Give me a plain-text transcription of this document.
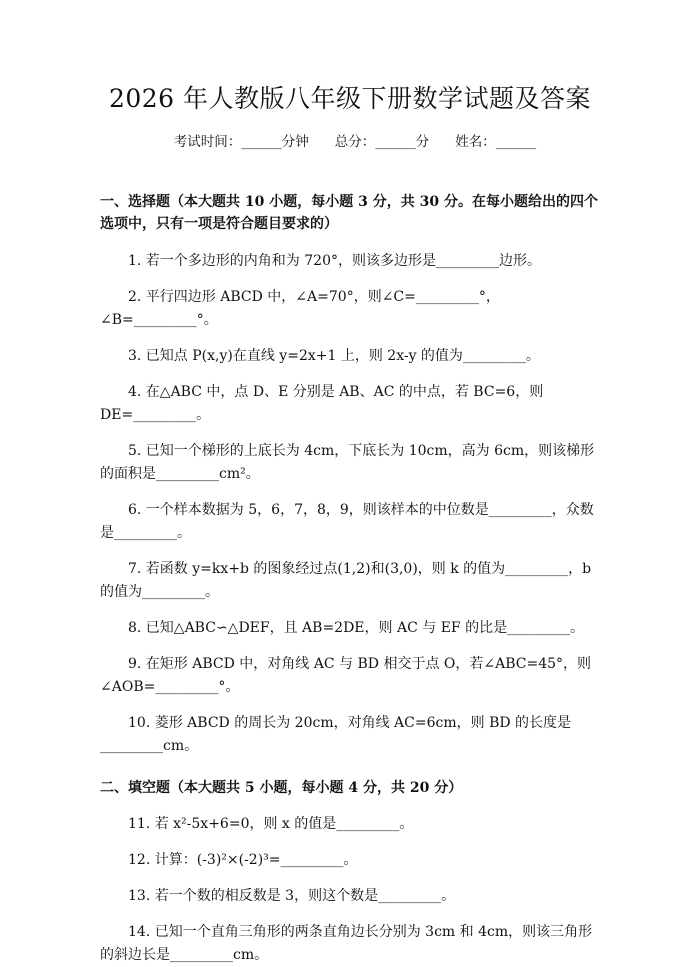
2026 年人教版八年级下册数学试题及答案
考试时间：______分钟 总分：______分 姓名：______

一、选择题（本大题共 10 小题，每小题 3 分，共 30 分。在每小题给出的四个选项中，只有一项是符合题目要求的）

1. 若一个多边形的内角和为 720°，则该多边形是_________边形。

2. 平行四边形 ABCD 中，∠A=70°，则∠C=_________°，∠B=_________°。

3. 已知点 P(x,y)在直线 y=2x+1 上，则 2x-y 的值为_________。

4. 在△ABC 中，点 D、E 分别是 AB、AC 的中点，若 BC=6，则 DE=_________。

5. 已知一个梯形的上底长为 4cm，下底长为 10cm，高为 6cm，则该梯形的面积是_________cm²。

6. 一个样本数据为 5，6，7，8，9，则该样本的中位数是_________，众数是_________。

7. 若函数 y=kx+b 的图象经过点(1,2)和(3,0)，则 k 的值为_________，b 的值为_________。

8. 已知△ABC∽△DEF，且 AB=2DE，则 AC 与 EF 的比是_________。

9. 在矩形 ABCD 中，对角线 AC 与 BD 相交于点 O，若∠ABC=45°，则∠AOB=_________°。

10. 菱形 ABCD 的周长为 20cm，对角线 AC=6cm，则 BD 的长度是_________cm。

二、填空题（本大题共 5 小题，每小题 4 分，共 20 分）

11. 若 x²-5x+6=0，则 x 的值是_________。

12. 计算：(-3)²×(-2)³=_________。

13. 若一个数的相反数是 3，则这个数是_________。

14. 已知一个直角三角形的两条直角边长分别为 3cm 和 4cm，则该三角形的斜边长是_________cm。
